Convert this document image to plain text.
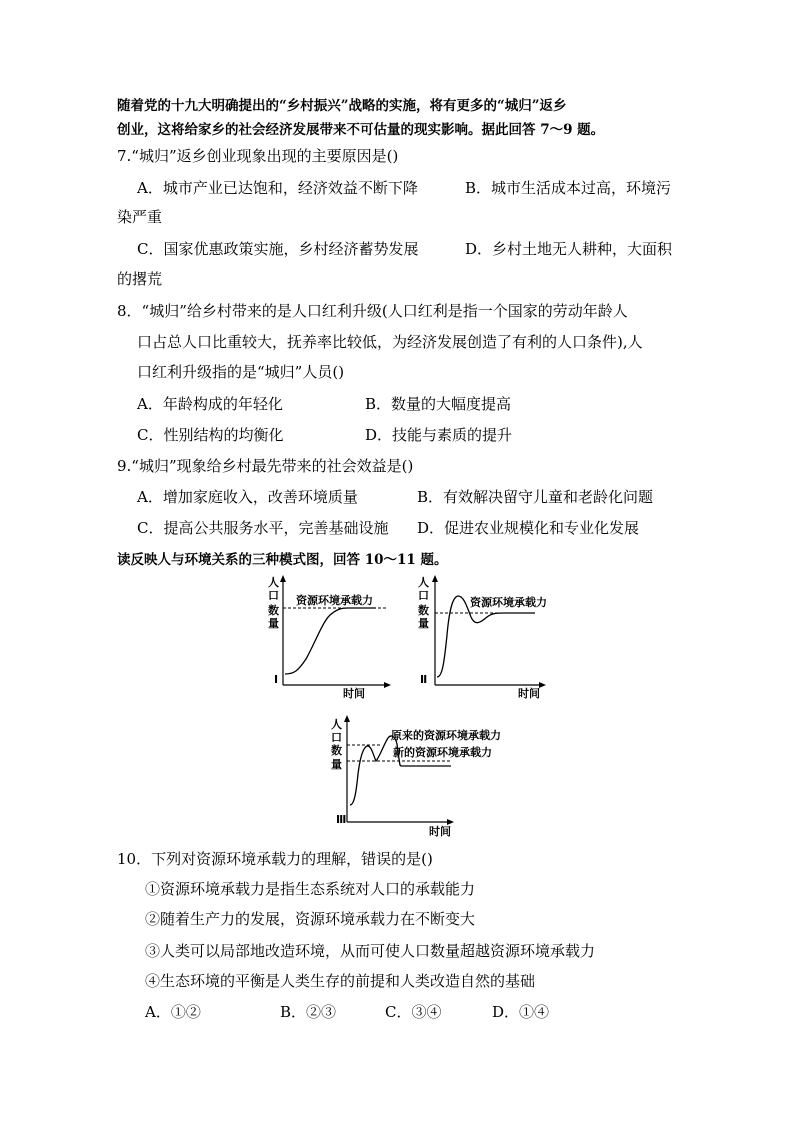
随着党的十九大明确提出的“乡村振兴”战略的实施，将有更多的“城归”返乡
创业，这将给家乡的社会经济发展带来不可估量的现实影响。据此回答 7～9 题。
7.“城归”返乡创业现象出现的主要原因是()
A．城市产业已达饱和，经济效益不断下降	B．城市生活成本过高，环境污
染严重
C．国家优惠政策实施，乡村经济蓄势发展	D．乡村土地无人耕种，大面积
的撂荒
8．“城归”给乡村带来的是人口红利升级(人口红利是指一个国家的劳动年龄人
口占总人口比重较大，抚养率比较低，为经济发展创造了有利的人口条件),人
口红利升级指的是“城归”人员()
A．年龄构成的年轻化	B．数量的大幅度提高
C．性别结构的均衡化	D．技能与素质的提升
9.“城归”现象给乡村最先带来的社会效益是()
A．增加家庭收入，改善环境质量	B．有效解决留守儿童和老龄化问题
C．提高公共服务水平，完善基础设施 D．促进农业规模化和专业化发展
读反映人与环境关系的三种模式图，回答 10～11 题。
人
口
数
量
资源环境承载力
Ⅰ
时间
人
口
数
量
资源环境承载力
Ⅱ
时间
人
口
数
量
原来的资源环境承载力
新的资源环境承载力
Ⅲ
时间
10．下列对资源环境承载力的理解，错误的是()
①资源环境承载力是指生态系统对人口的承载能力
②随着生产力的发展，资源环境承载力在不断变大
③人类可以局部地改造环境，从而可使人口数量超越资源环境承载力
④生态环境的平衡是人类生存的前提和人类改造自然的基础
A．①②	B．②③	C．③④	D．①④
